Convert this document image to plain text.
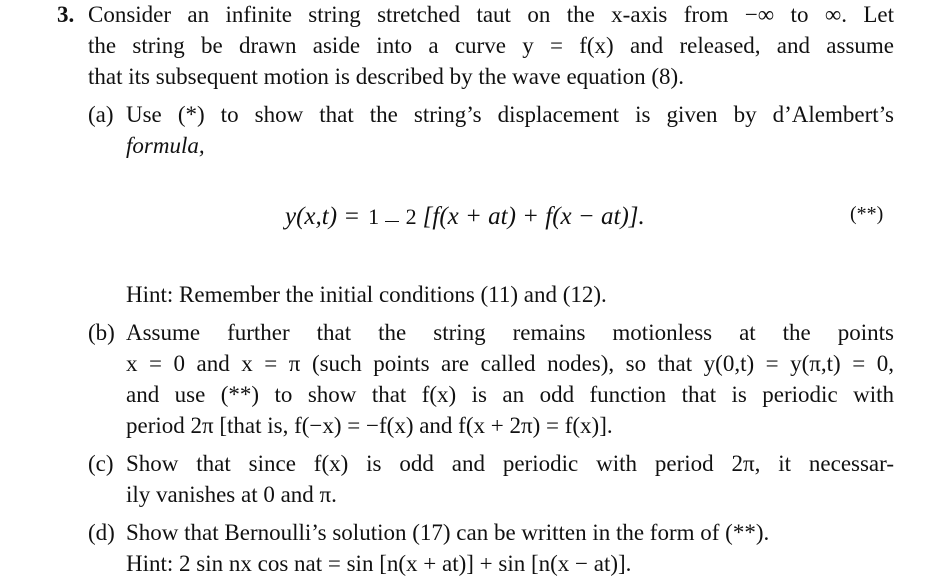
3. Consider an infinite string stretched taut on the x-axis from −∞ to ∞. Let
the string be drawn aside into a curve y = f(x) and released, and assume
that its subsequent motion is described by the wave equation (8).
(a) Use (*) to show that the string’s displacement is given by d’Alembert’s
formula,
y(x,t) = 1 2 [f(x + at) + f(x − at)].	(**)
Hint: Remember the initial conditions (11) and (12).
(b) Assume further that the string remains motionless at the points
x = 0 and x = π (such points are called nodes), so that y(0,t) = y(π,t) = 0,
and use (**) to show that f(x) is an odd function that is periodic with
period 2π [that is, f(−x) = −f(x) and f(x + 2π) = f(x)].
(c) Show that since f(x) is odd and periodic with period 2π, it necessar-
ily vanishes at 0 and π.
(d) Show that Bernoulli’s solution (17) can be written in the form of (**).
Hint: 2 sin nx cos nat = sin [n(x + at)] + sin [n(x − at)].
